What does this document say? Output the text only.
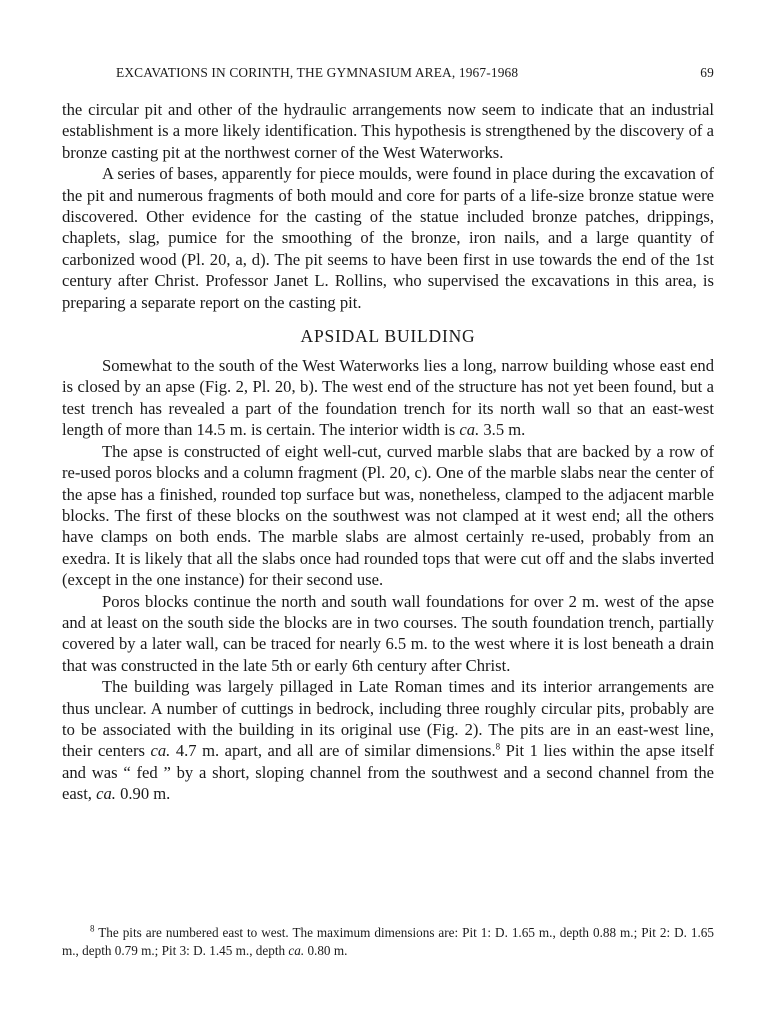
EXCAVATIONS IN CORINTH, THE GYMNASIUM AREA, 1967-1968	69

the circular pit and other of the hydraulic arrangements now seem to indicate that an industrial establishment is a more likely identification. This hypothesis is strengthened by the discovery of a bronze casting pit at the northwest corner of the West Waterworks.

A series of bases, apparently for piece moulds, were found in place during the excavation of the pit and numerous fragments of both mould and core for parts of a life-size bronze statue were discovered. Other evidence for the casting of the statue included bronze patches, drippings, chaplets, slag, pumice for the smoothing of the bronze, iron nails, and a large quantity of carbonized wood (Pl. 20, a, d). The pit seems to have been first in use towards the end of the 1st century after Christ. Professor Janet L. Rollins, who supervised the excavations in this area, is preparing a separate report on the casting pit.

APSIDAL BUILDING

Somewhat to the south of the West Waterworks lies a long, narrow building whose east end is closed by an apse (Fig. 2, Pl. 20, b). The west end of the structure has not yet been found, but a test trench has revealed a part of the foundation trench for its north wall so that an east-west length of more than 14.5 m. is certain. The interior width is ca. 3.5 m.

The apse is constructed of eight well-cut, curved marble slabs that are backed by a row of re-used poros blocks and a column fragment (Pl. 20, c). One of the marble slabs near the center of the apse has a finished, rounded top surface but was, nonetheless, clamped to the adjacent marble blocks. The first of these blocks on the southwest was not clamped at it west end; all the others have clamps on both ends. The marble slabs are almost certainly re-used, probably from an exedra. It is likely that all the slabs once had rounded tops that were cut off and the slabs inverted (except in the one instance) for their second use.

Poros blocks continue the north and south wall foundations for over 2 m. west of the apse and at least on the south side the blocks are in two courses. The south foundation trench, partially covered by a later wall, can be traced for nearly 6.5 m. to the west where it is lost beneath a drain that was constructed in the late 5th or early 6th century after Christ.

The building was largely pillaged in Late Roman times and its interior arrangements are thus unclear. A number of cuttings in bedrock, including three roughly circular pits, probably are to be associated with the building in its original use (Fig. 2). The pits are in an east-west line, their centers ca. 4.7 m. apart, and all are of similar dimensions.$^8$ Pit 1 lies within the apse itself and was “ fed ” by a short, sloping channel from the southwest and a second channel from the east, ca. 0.90 m.

$^8$ The pits are numbered east to west. The maximum dimensions are: Pit 1: D. 1.65 m., depth 0.88 m.; Pit 2: D. 1.65 m., depth 0.79 m.; Pit 3: D. 1.45 m., depth ca. 0.80 m.
